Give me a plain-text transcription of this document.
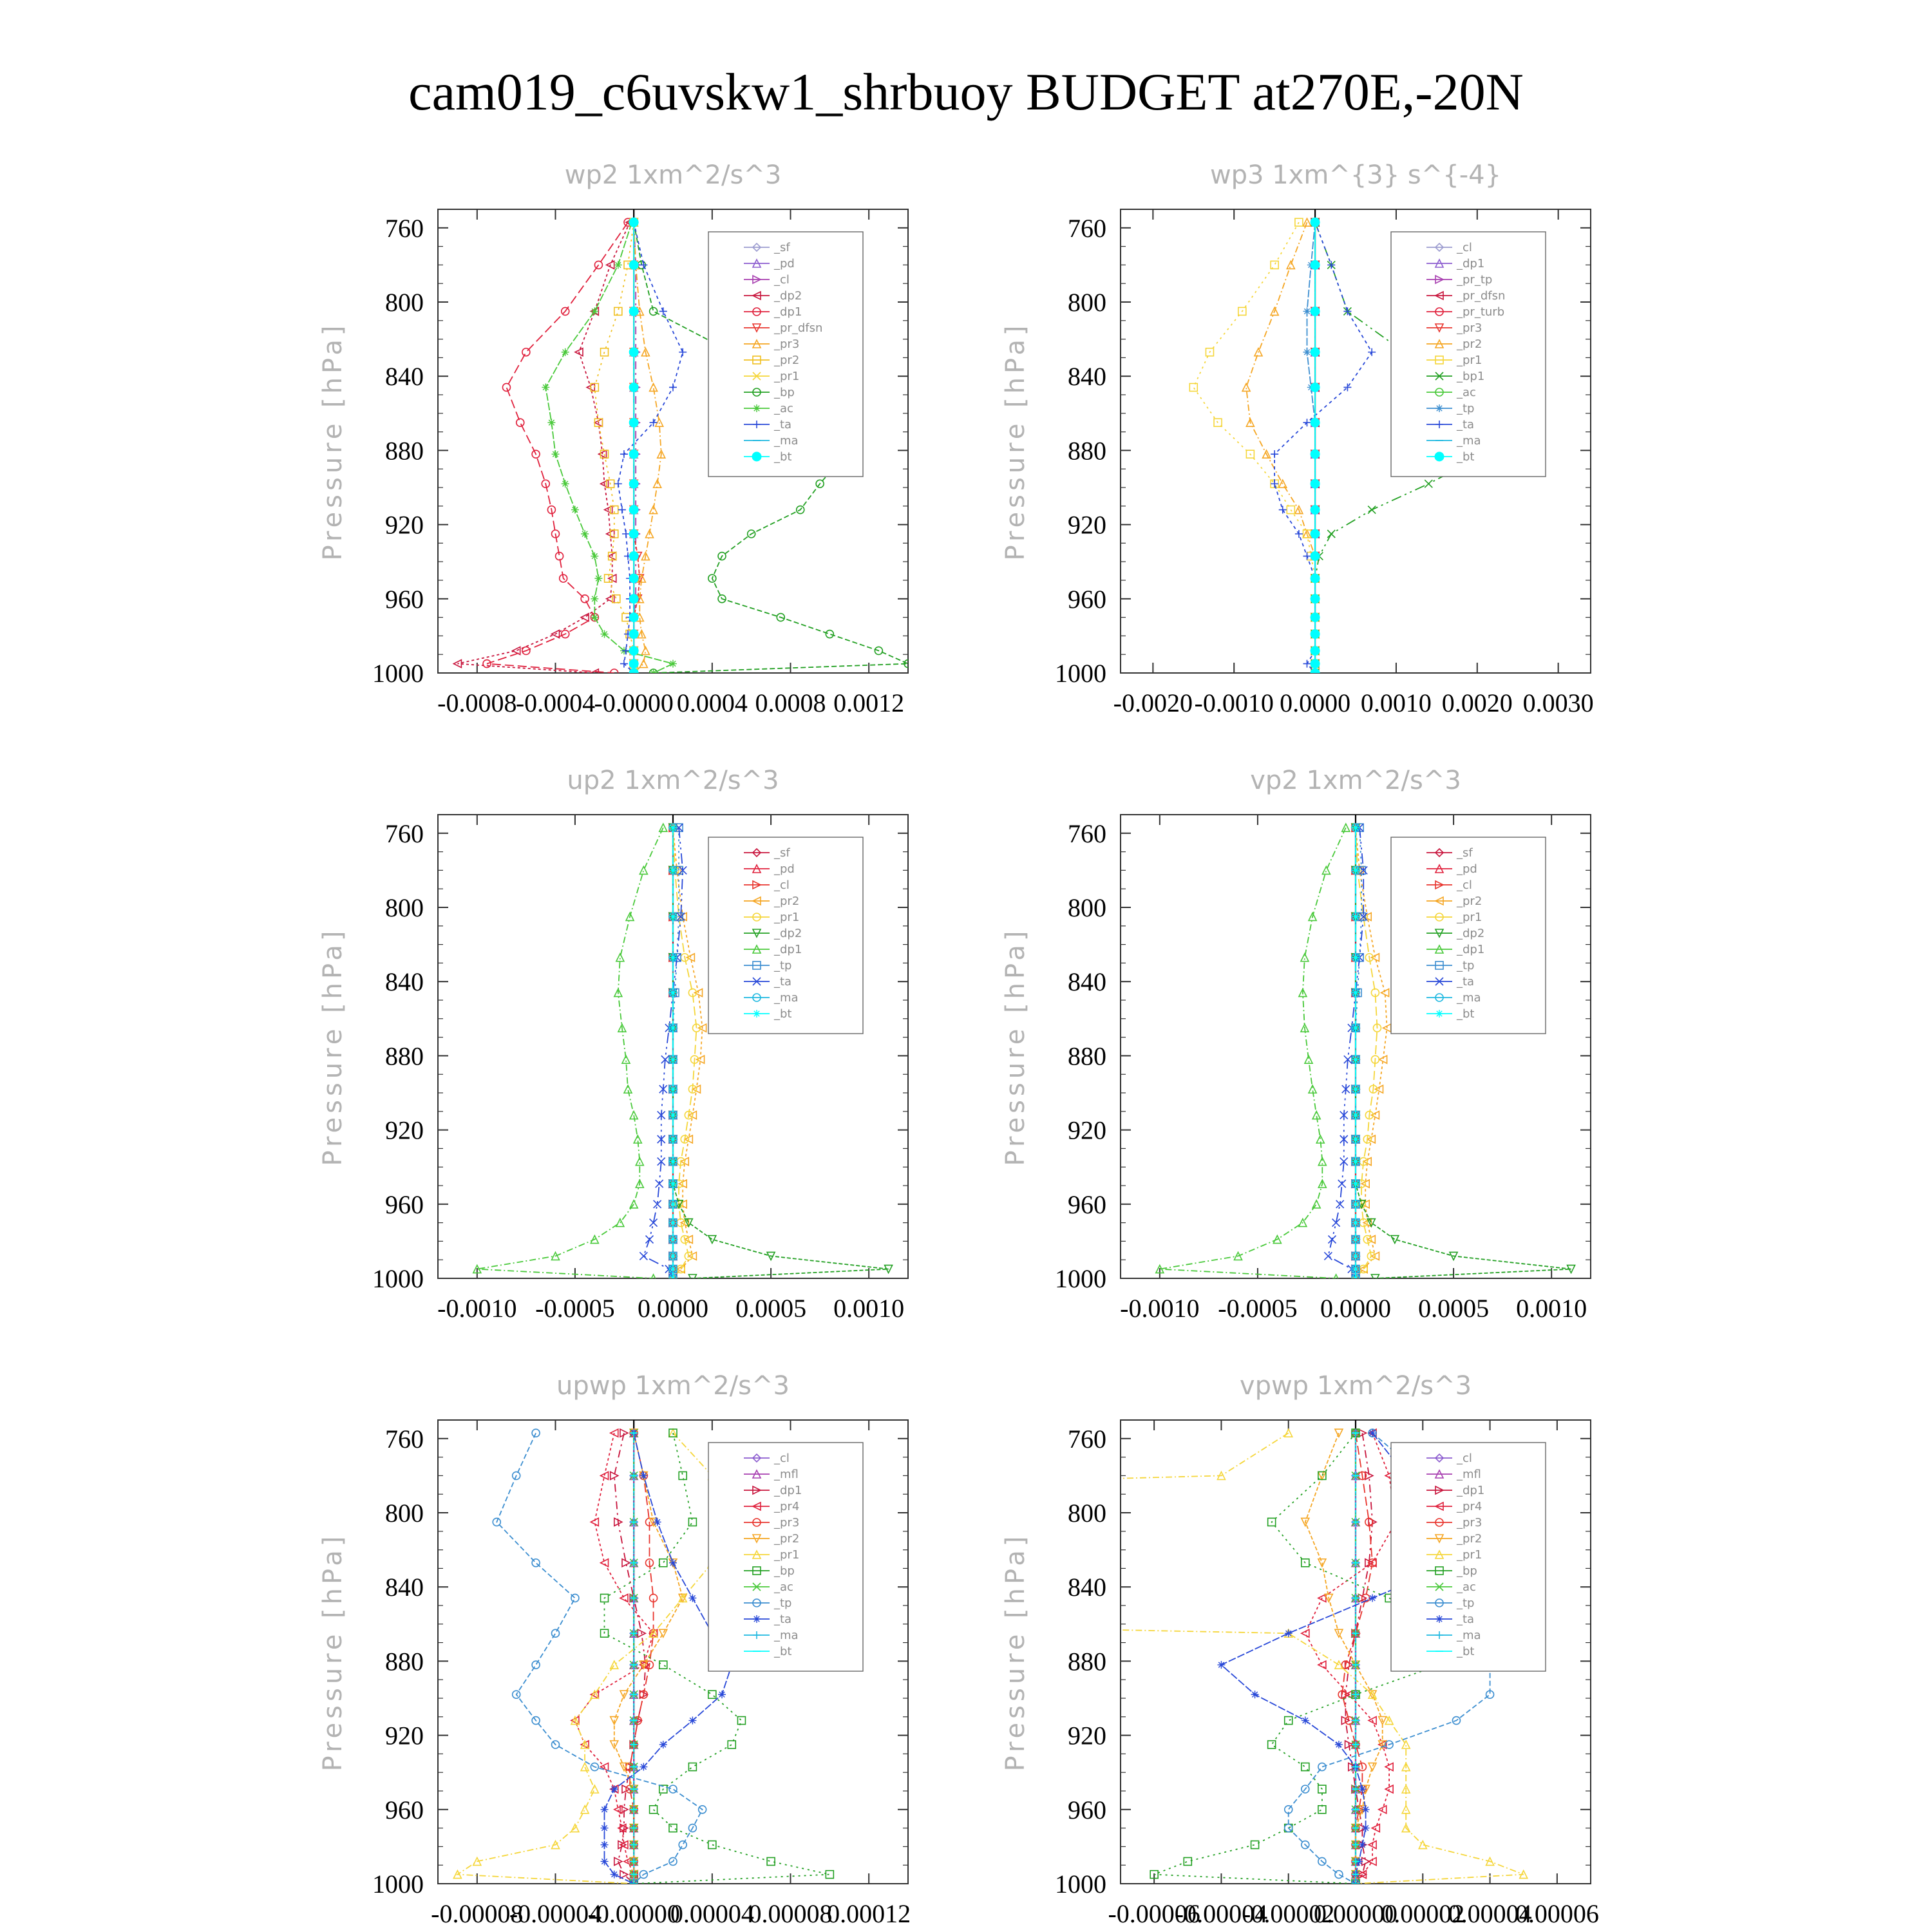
cam019_c6uvskw1_shrbuoy BUDGET at270E,-20N
wp2 1xm^2/s^3
Pressure [hPa]
760
800
840
880
920
960
1000
-0.0008
-0.0004
-0.0000 0.0004 0.0008 0.0012
_sf
_pd
_cl
_dp2
_dp1
_pr_dfsn
_pr3
_pr2
_pr1
_bp
_ac
_ta
_ma
_bt
wp3 1xm^{3} s^{-4}
Pressure [hPa]
760
800
840
880
920
960
1000
-0.0020 -0.0010 0.0000 0.0010 0.0020 0.0030
_cl
_dp1
_pr_tp
_pr_dfsn
_pr_turb
_pr3
_pr2
_pr1
_bp1
_ac
_tp
_ta
_ma
_bt
up2 1xm^2/s^3
Pressure [hPa]
760
800
840
880
920
960
1000
-0.0010 -0.0005 0.0000 0.0005 0.0010
_sf
_pd
_cl
_pr2
_pr1
_dp2
_dp1
_tp
_ta
_ma
_bt
vp2 1xm^2/s^3
Pressure [hPa]
760
800
840
880
920
960
1000
-0.0010 -0.0005 0.0000 0.0005 0.0010
_sf
_pd
_cl
_pr2
_pr1
_dp2
_dp1
_tp
_ta
_ma
_bt
upwp 1xm^2/s^3
Pressure [hPa]
760
800
840
880
920
960
1000
-0.00008
-0.00004
-0.00000
0.00004
0.00008
0.00012
_cl
_mfl
_dp1
_pr4
_pr3
_pr2
_pr1
_bp
_ac
_tp
_ta
_ma
_bt
vpwp 1xm^2/s^3
Pressure [hPa]
760
800
840
880
920
960
1000
-0.00006
-0.00004
-0.00002
0.00000
0.00002
0.00004
0.00006
_cl
_mfl
_dp1
_pr4
_pr3
_pr2
_pr1
_bp
_ac
_tp
_ta
_ma
_bt
